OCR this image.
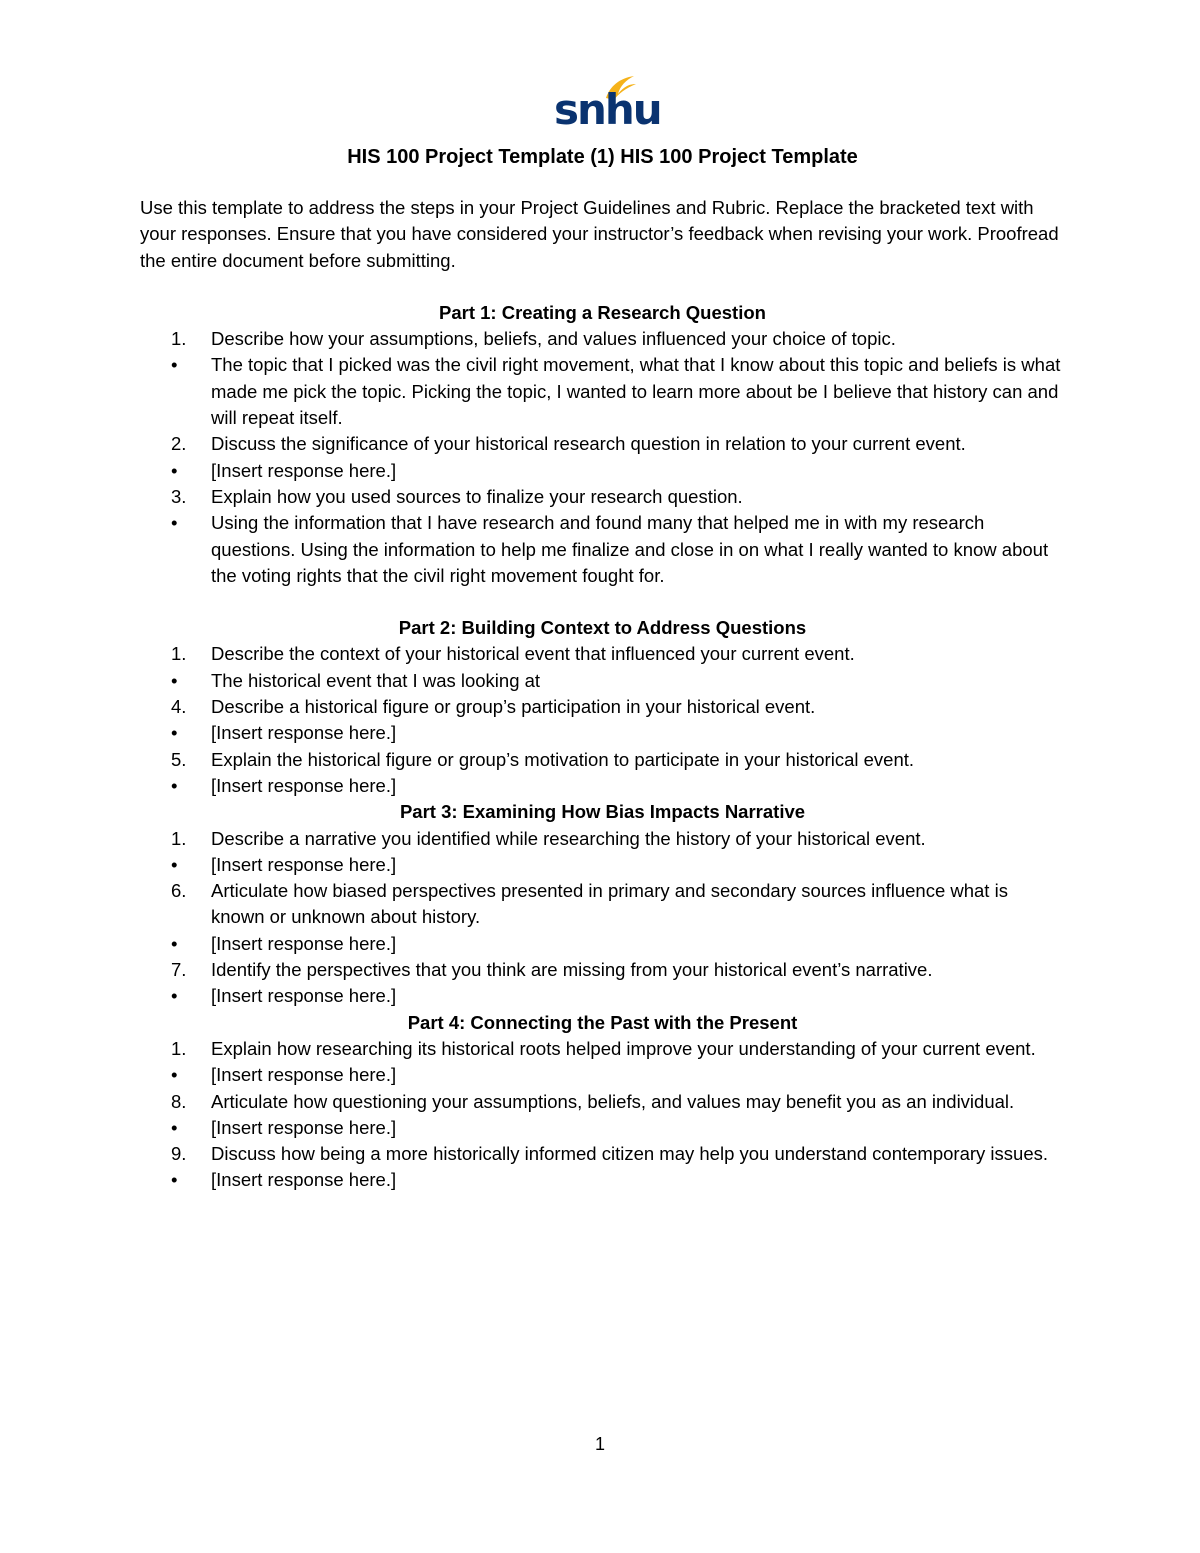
snhu
HIS 100 Project Template (1) HIS 100 Project Template
Use this template to address the steps in your Project Guidelines and Rubric. Replace the bracketed text with your responses. Ensure that you have considered your instructor’s feedback when revising your work. Proofread the entire document before submitting.
Part 1: Creating a Research Question
1.	Describe how your assumptions, beliefs, and values influenced your choice of topic.
•	The topic that I picked was the civil right movement, what that I know about this topic and beliefs is what made me pick the topic. Picking the topic, I wanted to learn more about be I believe that history can and will repeat itself.
2.	Discuss the significance of your historical research question in relation to your current event.
•	[Insert response here.]
3.	Explain how you used sources to finalize your research question.
•	Using the information that I have research and found many that helped me in with my research questions. Using the information to help me finalize and close in on what I really wanted to know about the voting rights that the civil right movement fought for.
Part 2: Building Context to Address Questions
1.	Describe the context of your historical event that influenced your current event.
•	The historical event that I was looking at
4.	Describe a historical figure or group’s participation in your historical event.
•	[Insert response here.]
5.	Explain the historical figure or group’s motivation to participate in your historical event.
•	[Insert response here.]
Part 3: Examining How Bias Impacts Narrative
1.	Describe a narrative you identified while researching the history of your historical event.
•	[Insert response here.]
6.	Articulate how biased perspectives presented in primary and secondary sources influence what is known or unknown about history.
•	[Insert response here.]
7.	Identify the perspectives that you think are missing from your historical event’s narrative.
•	[Insert response here.]
Part 4: Connecting the Past with the Present
1.	Explain how researching its historical roots helped improve your understanding of your current event.
•	[Insert response here.]
8.	Articulate how questioning your assumptions, beliefs, and values may benefit you as an individual.
•	[Insert response here.]
9.	Discuss how being a more historically informed citizen may help you understand contemporary issues.
•	[Insert response here.]
1
